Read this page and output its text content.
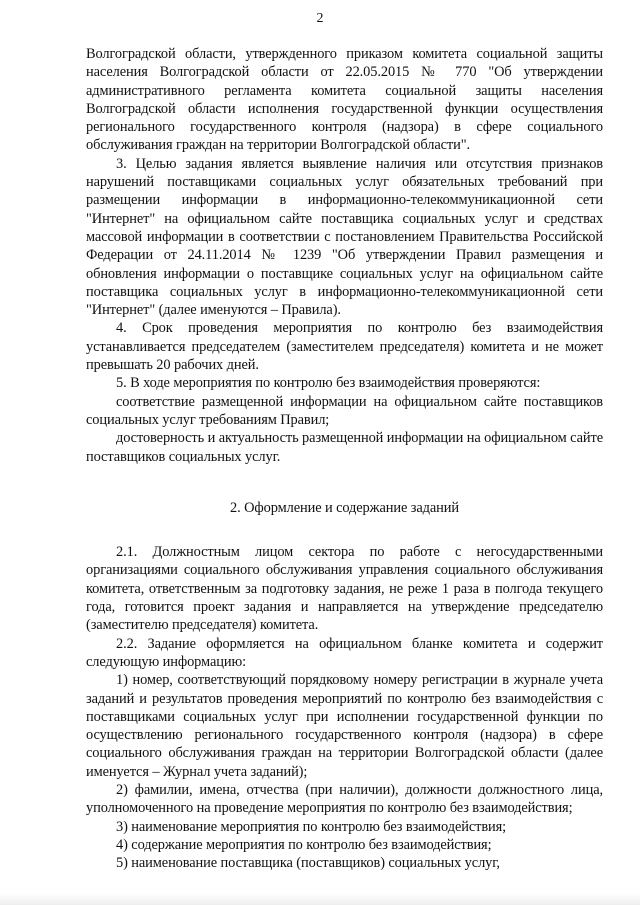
2

Волгоградской области, утвержденного приказом комитета социальной защиты населения Волгоградской области от 22.05.2015 № 770 "Об утверждении административного регламента комитета социальной защиты населения Волгоградской области исполнения государственной функции осуществления регионального государственного контроля (надзора) в сфере социального обслуживания граждан на территории Волгоградской области".

3. Целью задания является выявление наличия или отсутствия признаков нарушений поставщиками социальных услуг обязательных требований при размещении информации в информационно-телекоммуникационной сети "Интернет" на официальном сайте поставщика социальных услуг и средствах массовой информации в соответствии с постановлением Правительства Российской Федерации от 24.11.2014 № 1239 "Об утверждении Правил размещения и обновления информации о поставщике социальных услуг на официальном сайте поставщика социальных услуг в информационно-телекоммуникационной сети "Интернет" (далее именуются – Правила).

4. Срок проведения мероприятия по контролю без взаимодействия устанавливается председателем (заместителем председателя) комитета и не может превышать 20 рабочих дней.

5. В ходе мероприятия по контролю без взаимодействия проверяются:

соответствие размещенной информации на официальном сайте поставщиков социальных услуг требованиям Правил;

достоверность и актуальность размещенной информации на официальном сайте поставщиков социальных услуг.

2. Оформление и содержание заданий

2.1. Должностным лицом сектора по работе с негосударственными организациями социального обслуживания управления социального обслуживания комитета, ответственным за подготовку задания, не реже 1 раза в полгода текущего года, готовится проект задания и направляется на утверждение председателю (заместителю председателя) комитета.

2.2. Задание оформляется на официальном бланке комитета и содержит следующую информацию:

1) номер, соответствующий порядковому номеру регистрации в журнале учета заданий и результатов проведения мероприятий по контролю без взаимодействия с поставщиками социальных услуг при исполнении государственной функции по осуществлению регионального государственного контроля (надзора) в сфере социального обслуживания граждан на территории Волгоградской области (далее именуется – Журнал учета заданий);

2) фамилии, имена, отчества (при наличии), должности должностного лица, уполномоченного на проведение мероприятия по контролю без взаимодействия;

3) наименование мероприятия по контролю без взаимодействия;

4) содержание мероприятия по контролю без взаимодействия;

5) наименование поставщика (поставщиков) социальных услуг,
